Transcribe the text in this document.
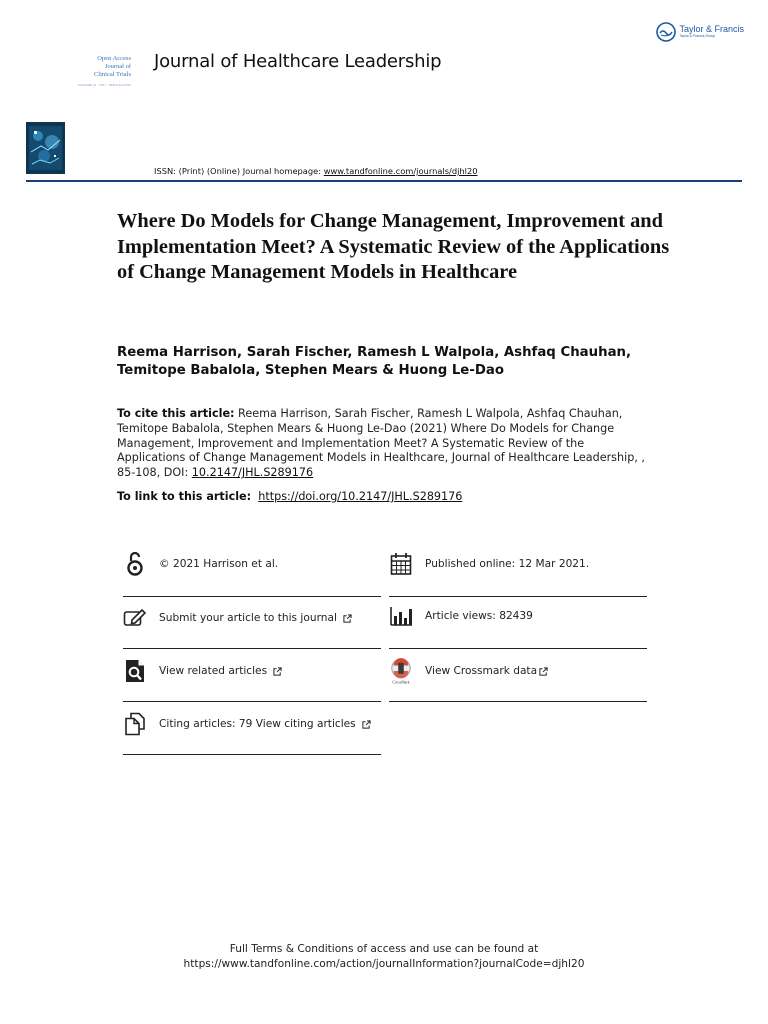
Taylor & Francis
Taylor & Francis Group
Open Access
Journal of
Clinical Trials
VOLUME 16 · 2011 · OPEN ACCESS
Journal of Healthcare Leadership
ISSN: (Print) (Online) Journal homepage: www.tandfonline.com/journals/djhl20
Where Do Models for Change Management, Improvement and Implementation Meet? A Systematic Review of the Applications of Change Management Models in Healthcare
Reema Harrison, Sarah Fischer, Ramesh L Walpola, Ashfaq Chauhan, Temitope Babalola, Stephen Mears & Huong Le-Dao
To cite this article: Reema Harrison, Sarah Fischer, Ramesh L Walpola, Ashfaq Chauhan, Temitope Babalola, Stephen Mears & Huong Le-Dao (2021) Where Do Models for Change Management, Improvement and Implementation Meet? A Systematic Review of the Applications of Change Management Models in Healthcare, Journal of Healthcare Leadership, , 85-108, DOI: 10.2147/JHL.S289176
To link to this article: https://doi.org/10.2147/JHL.S289176
© 2021 Harrison et al.	Published online: 12 Mar 2021.
Submit your article to this journal	Article views: 82439
View related articles
CrossMark
View Crossmark data
Citing articles: 79 View citing articles
Full Terms & Conditions of access and use can be found at
https://www.tandfonline.com/action/journalInformation?journalCode=djhl20
